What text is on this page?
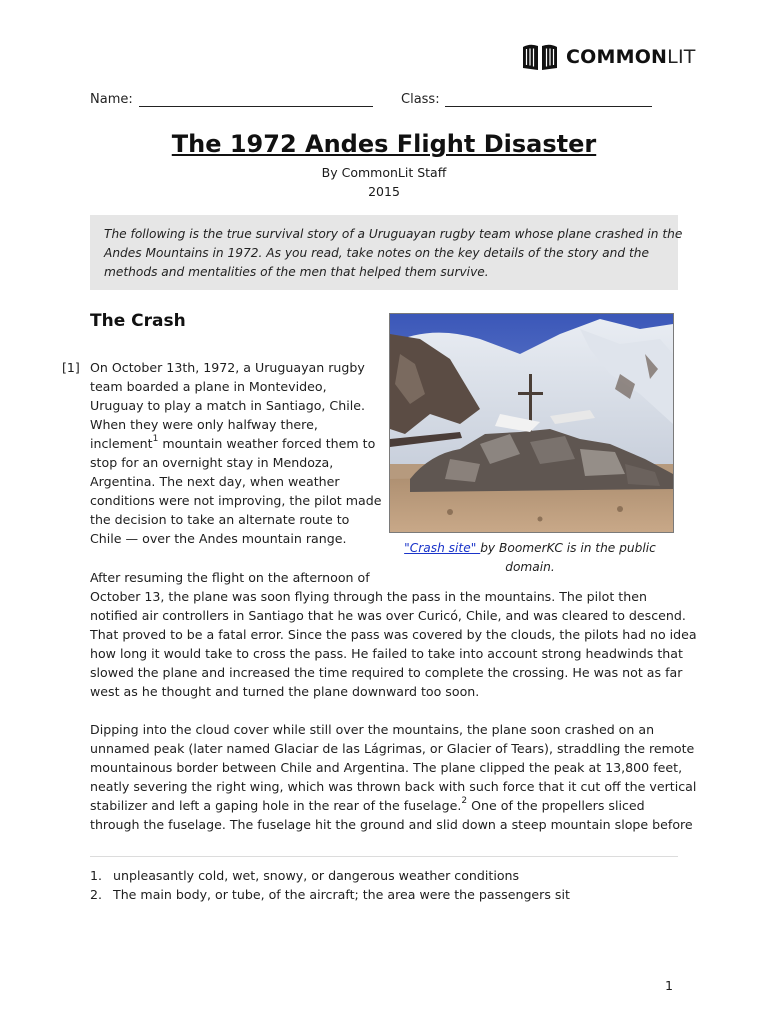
COMMONLIT
Name:	Class:
The 1972 Andes Flight Disaster
By CommonLit Staff
2015
The following is the true survival story of a Uruguayan rugby team whose plane crashed in the
Andes Mountains in 1972. As you read, take notes on the key details of the story and the
methods and mentalities of the men that helped them survive.
The Crash
[1] On October 13th, 1972, a Uruguayan rugby
team boarded a plane in Montevideo,
Uruguay to play a match in Santiago, Chile.
When they were only halfway there,
inclement$^1$ mountain weather forced them to
stop for an overnight stay in Mendoza,
Argentina. The next day, when weather
conditions were not improving, the pilot made
the decision to take an alternate route to
Chile — over the Andes mountain range.
"Crash site" by BoomerKC is in the public
domain.
After resuming the flight on the afternoon of
October 13, the plane was soon flying through the pass in the mountains. The pilot then
notified air controllers in Santiago that he was over Curicó, Chile, and was cleared to descend.
That proved to be a fatal error. Since the pass was covered by the clouds, the pilots had no idea
how long it would take to cross the pass. He failed to take into account strong headwinds that
slowed the plane and increased the time required to complete the crossing. He was not as far
west as he thought and turned the plane downward too soon.
Dipping into the cloud cover while still over the mountains, the plane soon crashed on an
unnamed peak (later named Glaciar de las Lágrimas, or Glacier of Tears), straddling the remote
mountainous border between Chile and Argentina. The plane clipped the peak at 13,800 feet,
neatly severing the right wing, which was thrown back with such force that it cut off the vertical
stabilizer and left a gaping hole in the rear of the fuselage.$^2$ One of the propellers sliced
through the fuselage. The fuselage hit the ground and slid down a steep mountain slope before
1. unpleasantly cold, wet, snowy, or dangerous weather conditions
2. The main body, or tube, of the aircraft; the area were the passengers sit
1
